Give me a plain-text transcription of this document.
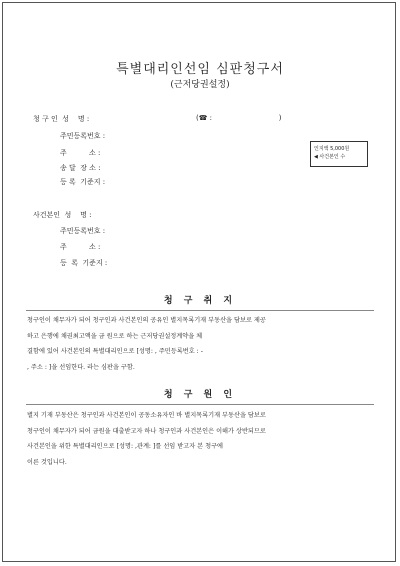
특별대리인선임 심판청구서
(근저당권설정)
청 구 인  성    명 :	(☎ :                              )
주민등록번호 :
주          소 :
송 달  장 소 :
등 록  기준지 :
인지액 5,000원
◀ 사건본인 수
사건본인  성    명 :
주민등록번호 :
주          소 :
등  록  기준지 :
청 구 취 지
청구인이 채무자가 되어 청구인과 사건본인의 공유인 별지목록기재 부동산을 담보로 제공
하고 은행에 채권최고액을 금 원으로 하는 근저당권설정계약을 체
결함에 있어 사건본인의 특별대리인으로 [성명: , 주민등록번호 : -
, 주소 : ]을 선임한다. 라는 심판을 구함.
청 구 원 인
별지 기재 부동산은 청구인과 사건본인이 공동소유자인 바 별지목록기재 부동산을 담보로
청구인이 채무자가 되어 금원을 대출받고자 하나 청구인과 사건본인은 이해가 상반되므로
사건본인을 위한 특별대리인으로 [성명: ,관계: ]를 선임 받고자 본 청구에
이른 것입니다.
